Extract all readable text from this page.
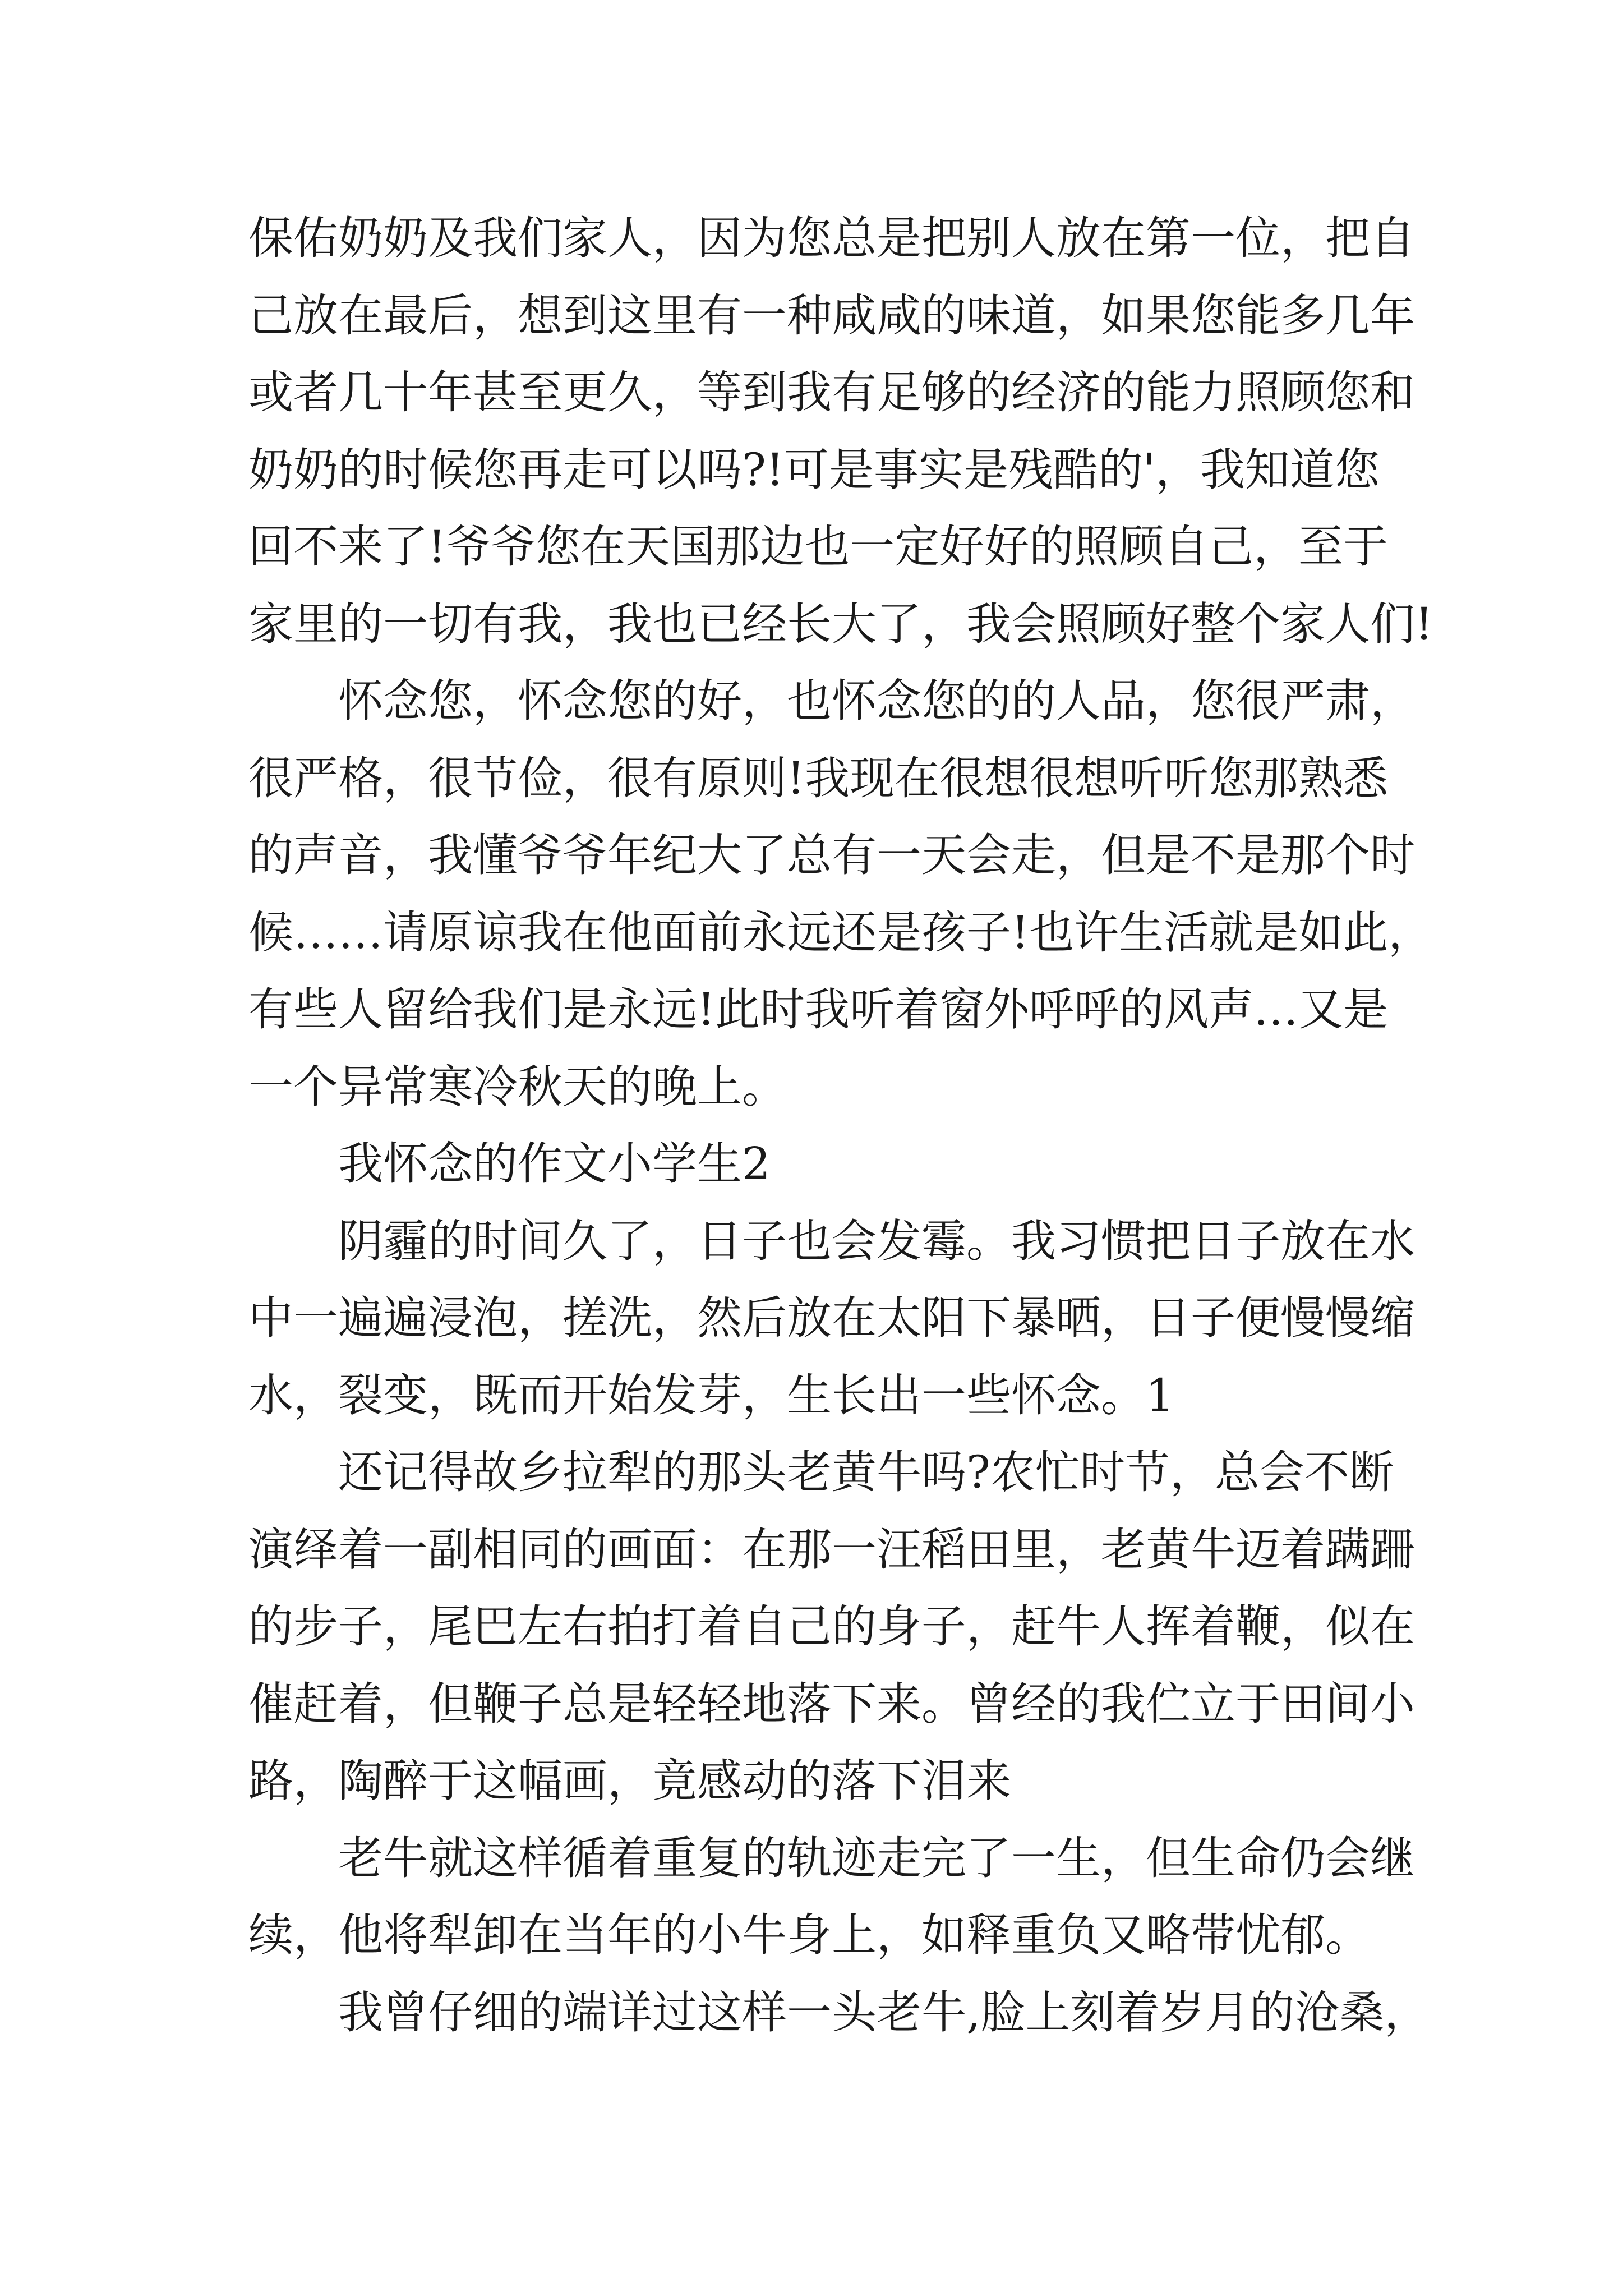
保佑奶奶及我们家人，因为您总是把别人放在第一位，把自
己放在最后，想到这里有一种咸咸的味道，如果您能多几年
或者几十年甚至更久，等到我有足够的经济的能力照顾您和
奶奶的时候您再走可以吗?!可是事实是残酷的'，我知道您
回不来了!爷爷您在天国那边也一定好好的照顾自己，至于
家里的一切有我，我也已经长大了，我会照顾好整个家人们!
怀念您，怀念您的好，也怀念您的的人品，您很严肃，
很严格，很节俭，很有原则!我现在很想很想听听您那熟悉
的声音，我懂爷爷年纪大了总有一天会走，但是不是那个时
候……请原谅我在他面前永远还是孩子!也许生活就是如此，
有些人留给我们是永远!此时我听着窗外呼呼的风声…又是
一个异常寒冷秋天的晚上。
我怀念的作文小学生2
阴霾的时间久了，日子也会发霉。我习惯把日子放在水
中一遍遍浸泡，搓洗，然后放在太阳下暴晒，日子便慢慢缩
水，裂变，既而开始发芽，生长出一些怀念。1
还记得故乡拉犁的那头老黄牛吗?农忙时节，总会不断
演绎着一副相同的画面：在那一汪稻田里，老黄牛迈着蹒跚
的步子，尾巴左右拍打着自己的身子，赶牛人挥着鞭，似在
催赶着，但鞭子总是轻轻地落下来。曾经的我伫立于田间小
路，陶醉于这幅画，竟感动的落下泪来
老牛就这样循着重复的轨迹走完了一生，但生命仍会继
续，他将犁卸在当年的小牛身上，如释重负又略带忧郁。
我曾仔细的端详过这样一头老牛,脸上刻着岁月的沧桑，
